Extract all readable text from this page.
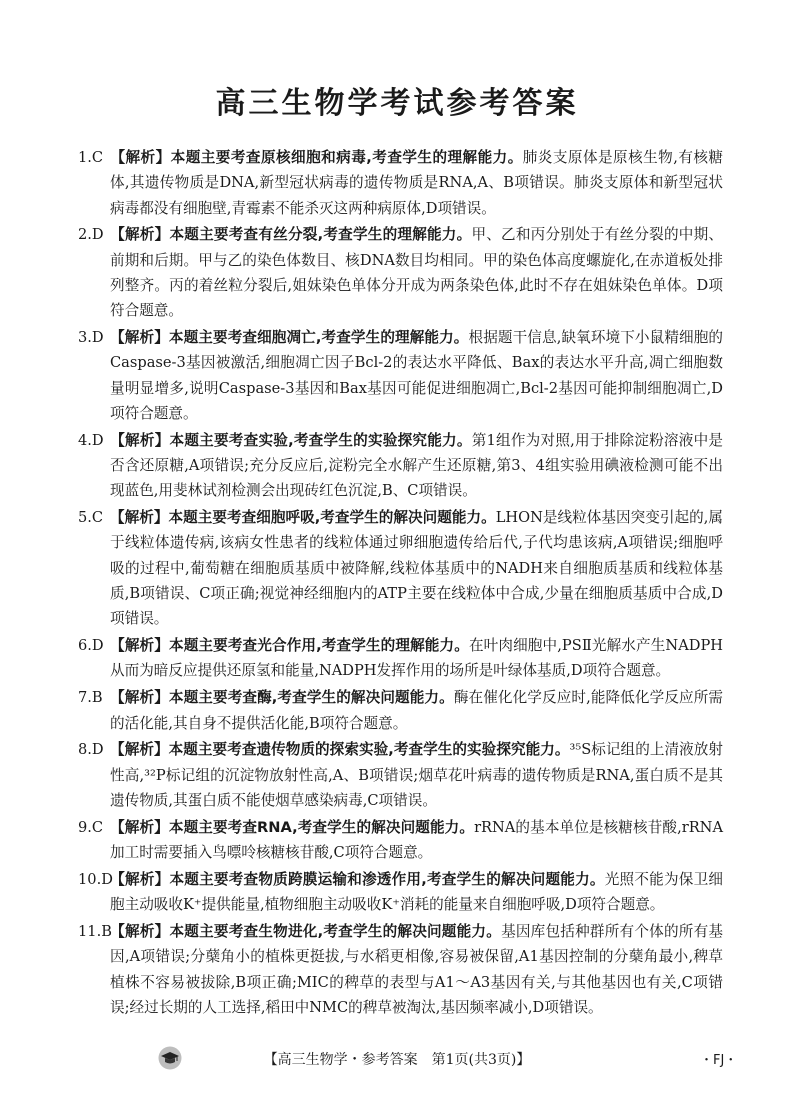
高三生物学考试参考答案
1.C 【解析】本题主要考查原核细胞和病毒,考查学生的理解能力。肺炎支原体是原核生物,有核糖体,其遗传物质是DNA,新型冠状病毒的遗传物质是RNA,A、B项错误。肺炎支原体和新型冠状病毒都没有细胞壁,青霉素不能杀灭这两种病原体,D项错误。
2.D 【解析】本题主要考查有丝分裂,考查学生的理解能力。甲、乙和丙分别处于有丝分裂的中期、前期和后期。甲与乙的染色体数目、核DNA数目均相同。甲的染色体高度螺旋化,在赤道板处排列整齐。丙的着丝粒分裂后,姐妹染色单体分开成为两条染色体,此时不存在姐妹染色单体。D项符合题意。
3.D 【解析】本题主要考查细胞凋亡,考查学生的理解能力。根据题干信息,缺氧环境下小鼠精细胞的Caspase-3基因被激活,细胞凋亡因子Bcl-2的表达水平降低、Bax的表达水平升高,凋亡细胞数量明显增多,说明Caspase-3基因和Bax基因可能促进细胞凋亡,Bcl-2基因可能抑制细胞凋亡,D项符合题意。
4.D 【解析】本题主要考查实验,考查学生的实验探究能力。第1组作为对照,用于排除淀粉溶液中是否含还原糖,A项错误;充分反应后,淀粉完全水解产生还原糖,第3、4组实验用碘液检测可能不出现蓝色,用斐林试剂检测会出现砖红色沉淀,B、C项错误。
5.C 【解析】本题主要考查细胞呼吸,考查学生的解决问题能力。LHON是线粒体基因突变引起的,属于线粒体遗传病,该病女性患者的线粒体通过卵细胞遗传给后代,子代均患该病,A项错误;细胞呼吸的过程中,葡萄糖在细胞质基质中被降解,线粒体基质中的NADH来自细胞质基质和线粒体基质,B项错误、C项正确;视觉神经细胞内的ATP主要在线粒体中合成,少量在细胞质基质中合成,D项错误。
6.D 【解析】本题主要考查光合作用,考查学生的理解能力。在叶肉细胞中,PSⅡ光解水产生NADPH从而为暗反应提供还原氢和能量,NADPH发挥作用的场所是叶绿体基质,D项符合题意。
7.B 【解析】本题主要考查酶,考查学生的解决问题能力。酶在催化化学反应时,能降低化学反应所需的活化能,其自身不提供活化能,B项符合题意。
8.D 【解析】本题主要考查遗传物质的探索实验,考查学生的实验探究能力。³⁵S标记组的上清液放射性高,³²P标记组的沉淀物放射性高,A、B项错误;烟草花叶病毒的遗传物质是RNA,蛋白质不是其遗传物质,其蛋白质不能使烟草感染病毒,C项错误。
9.C 【解析】本题主要考查RNA,考查学生的解决问题能力。rRNA的基本单位是核糖核苷酸,rRNA加工时需要插入鸟嘌呤核糖核苷酸,C项符合题意。
10.D【解析】本题主要考查物质跨膜运输和渗透作用,考查学生的解决问题能力。光照不能为保卫细胞主动吸收K⁺提供能量,植物细胞主动吸收K⁺消耗的能量来自细胞呼吸,D项符合题意。
11.B【解析】本题主要考查生物进化,考查学生的解决问题能力。基因库包括种群所有个体的所有基因,A项错误;分蘖角小的植株更挺拔,与水稻更相像,容易被保留,A1基因控制的分蘖角最小,稗草植株不容易被拔除,B项正确;MIC的稗草的表型与A1～A3基因有关,与其他基因也有关,C项错误;经过长期的人工选择,稻田中NMC的稗草被淘汰,基因频率减小,D项错误。
【高三生物学・参考答案　第1页(共3页)】	・FJ・
